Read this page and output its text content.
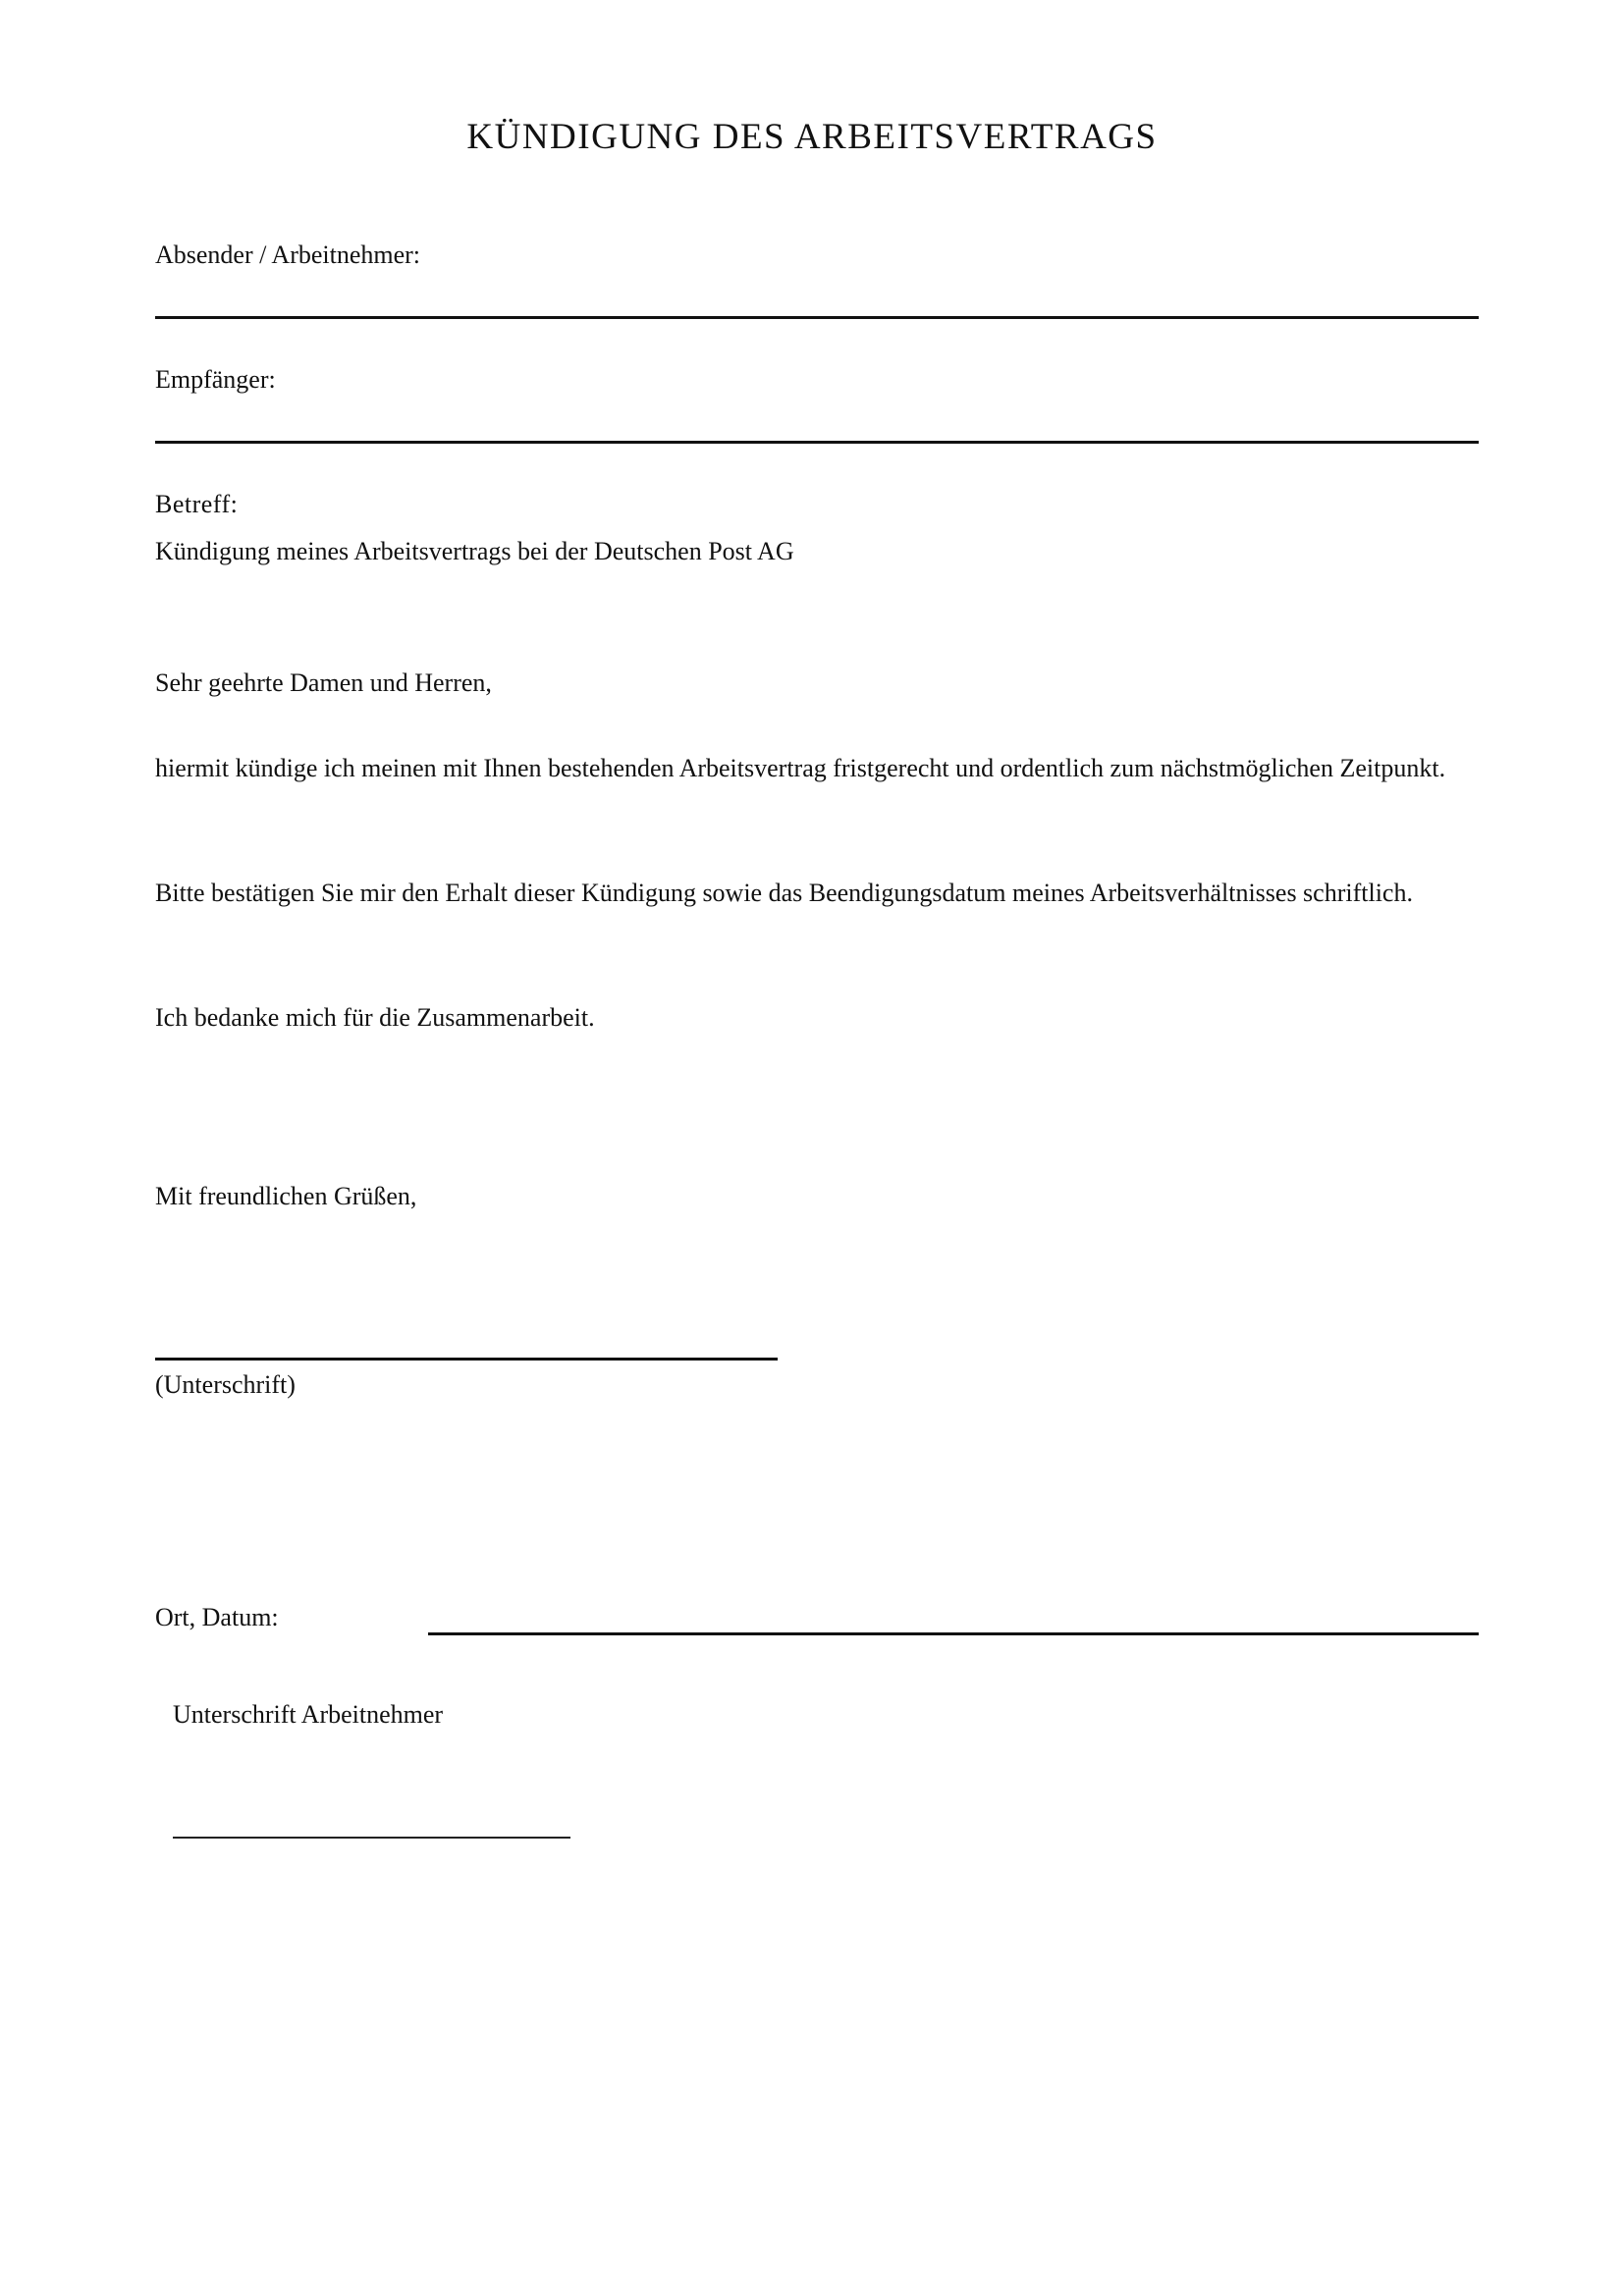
KÜNDIGUNG DES ARBEITSVERTRAGS
Absender / Arbeitnehmer:
Empfänger:
Betreff:
Kündigung meines Arbeitsvertrags bei der Deutschen Post AG
Sehr geehrte Damen und Herren,

hiermit kündige ich meinen mit Ihnen bestehenden Arbeitsvertrag fristgerecht und ordentlich zum nächstmöglichen Zeitpunkt.

Bitte bestätigen Sie mir den Erhalt dieser Kündigung sowie das Beendigungsdatum meines Arbeitsverhältnisses schriftlich.

Ich bedanke mich für die Zusammenarbeit.

Mit freundlichen Grüßen,
(Unterschrift)
Ort, Datum:
Unterschrift Arbeitnehmer
